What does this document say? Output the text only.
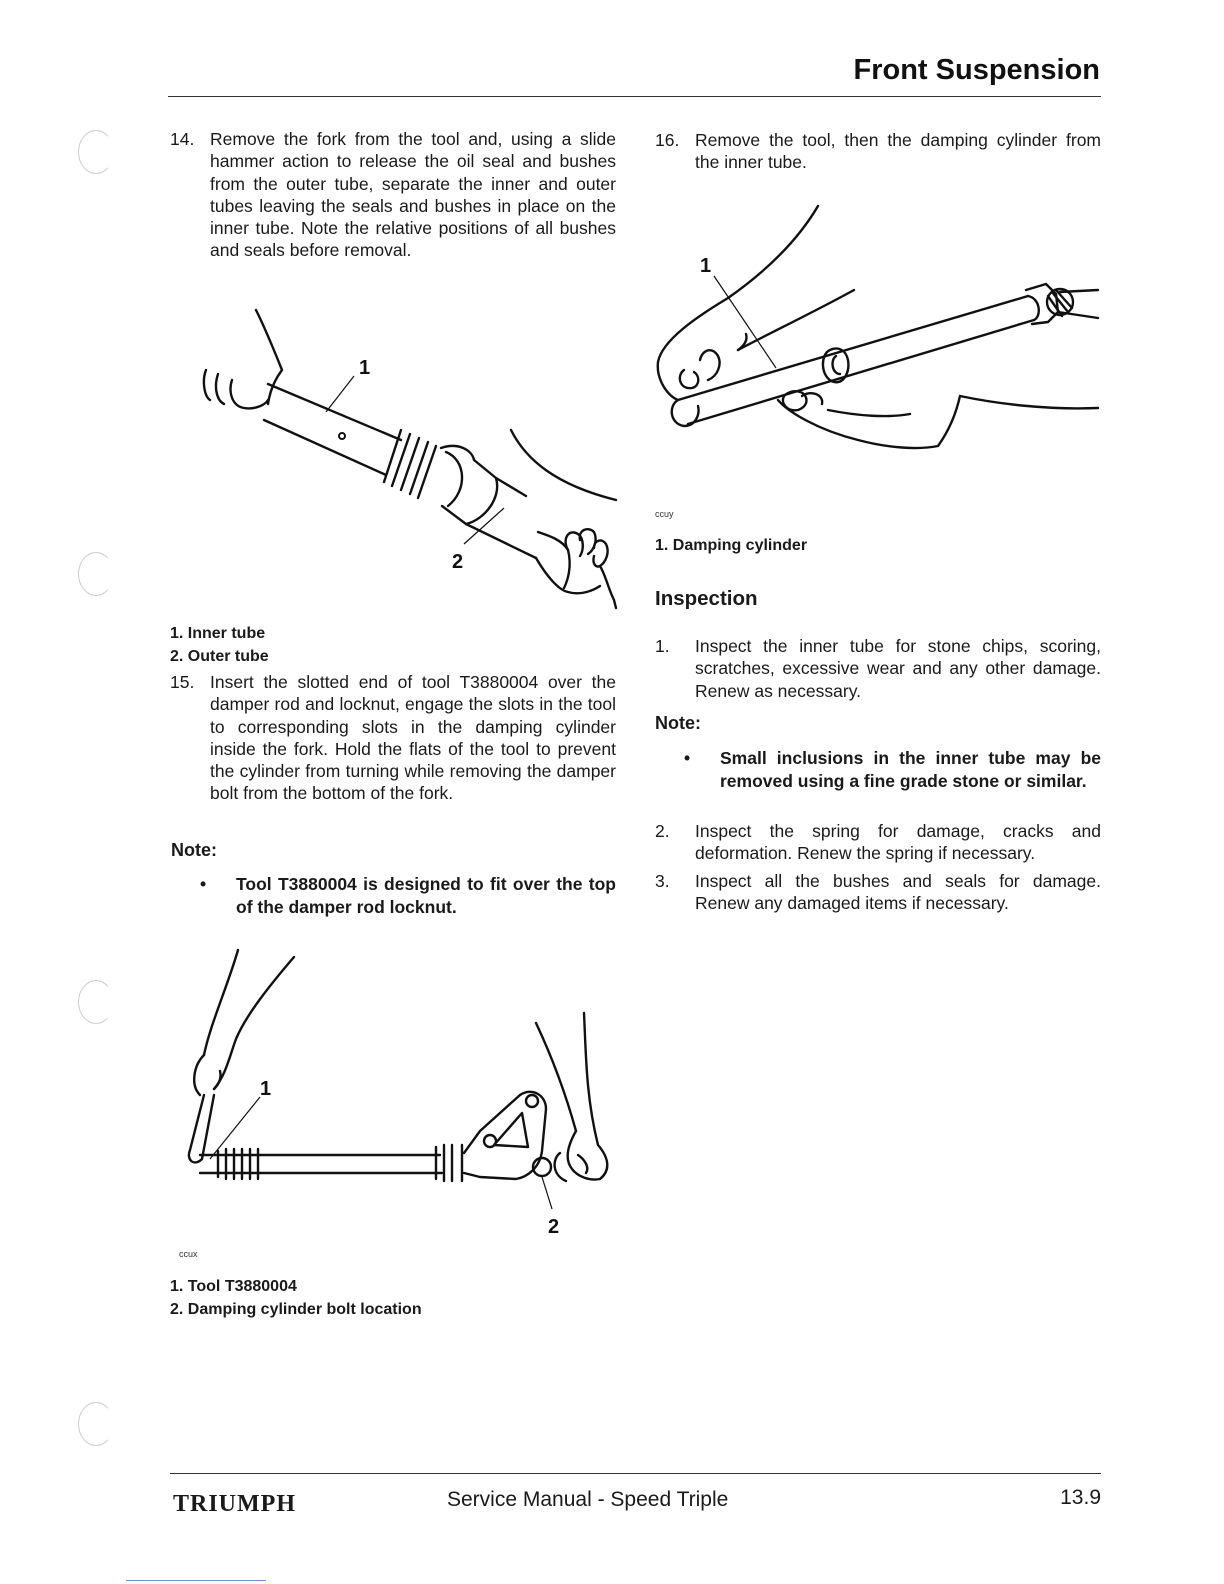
Front Suspension
14. Remove the fork from the tool and, using a slide hammer action to release the oil seal and bushes from the outer tube, separate the inner and outer tubes leaving the seals and bushes in place on the inner tube. Note the relative positions of all bushes and seals before removal.
1
2
1. Inner tube
2. Outer tube
15. Insert the slotted end of tool T3880004 over the damper rod and locknut, engage the slots in the tool to corresponding slots in the damping cylinder inside the fork. Hold the flats of the tool to prevent the cylinder from turning while removing the damper bolt from the bottom of the fork.
Note:
•	Tool T3880004 is designed to fit over the top of the damper rod locknut.
1
2
ccux
1. Tool T3880004
2. Damping cylinder bolt location
16. Remove the tool, then the damping cylinder from the inner tube.
1
ccuy
1. Damping cylinder
Inspection
1.	Inspect the inner tube for stone chips, scoring, scratches, excessive wear and any other damage. Renew as necessary.
Note:
•	Small inclusions in the inner tube may be removed using a fine grade stone or similar.
2.	Inspect the spring for damage, cracks and deformation. Renew the spring if necessary.
3.	Inspect all the bushes and seals for damage. Renew any damaged items if necessary.
TRIUMPH	Service Manual - Speed Triple	13.9
